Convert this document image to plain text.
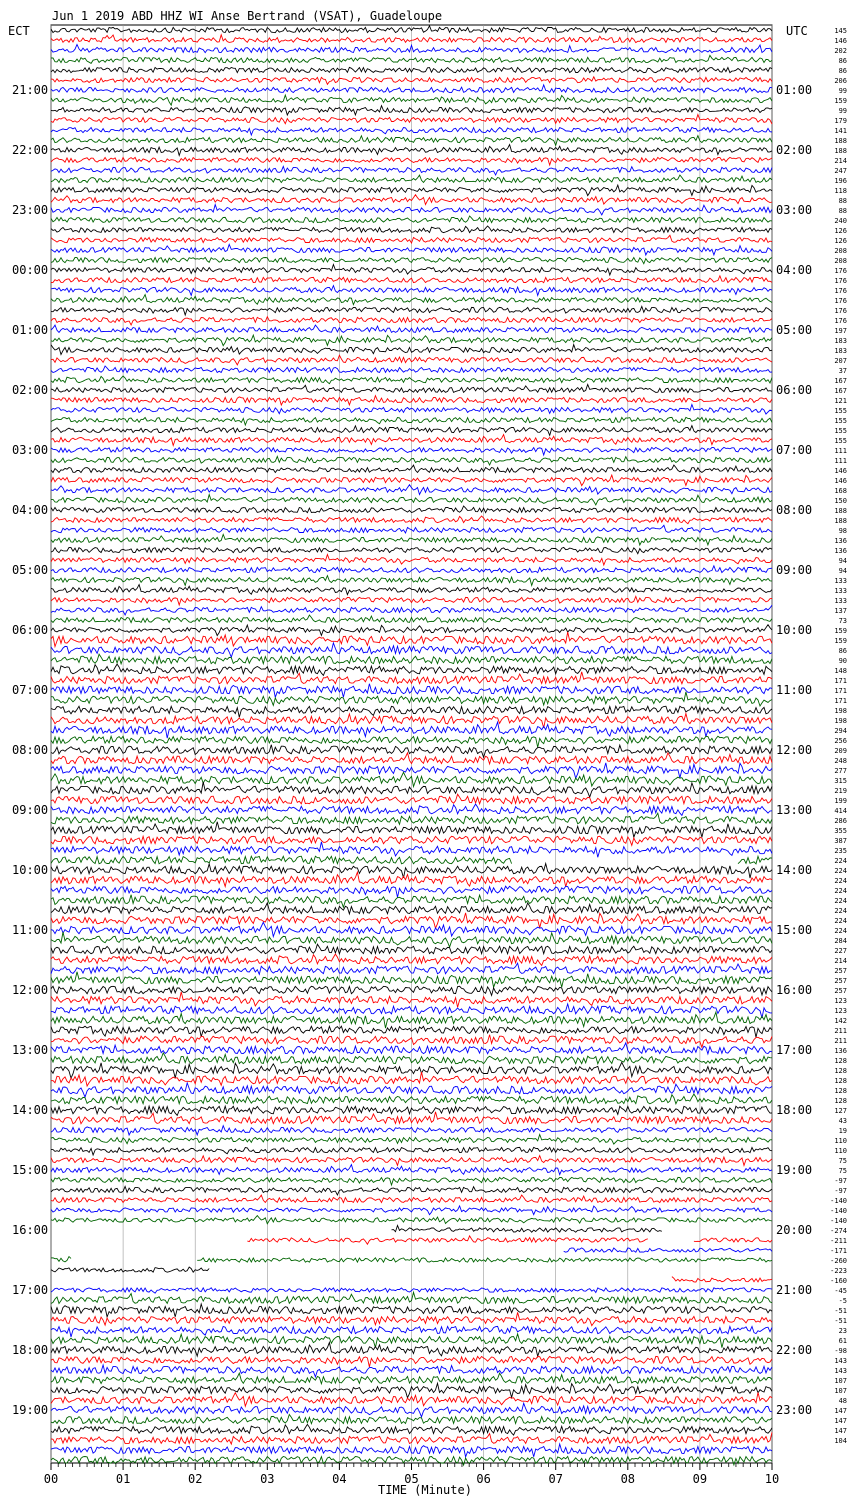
Jun 1 2019 ABD HHZ WI Anse Bertrand (VSAT), Guadeloupe
ECT	UTC
21:00
22:00
23:00
00:00
01:00
02:00
03:00
04:00
05:00
06:00
07:00
08:00
09:00
10:00
11:00
12:00
13:00
14:00
15:00
16:00
17:00
18:00
19:00
01:00
02:00
03:00
04:00
05:00
06:00
07:00
08:00
09:00
10:00
11:00
12:00
13:00
14:00
15:00
16:00
17:00
18:00
19:00
20:00
21:00
22:00
23:00
145
146
202
86
86
206
99
159
99
179
141
188
188
214
247
196
118
88
88
240
126
126
208
208
176
176
176
176
176
176
197
183
183
207
37
167
167
121
155
155
155
155
111
111
146
146
168
150
188
188
98
136
136
94
94
133
133
133
137
73
159
159
86
90
148
171
171
171
198
198
294
256
209
248
277
315
219
199
414
286
355
387
235
224
224
224
224
224
224
224
224
284
227
214
257
257
257
123
123
142
211
211
136
128
128
128
128
128
127
43
19
110
110
75
75
-97
-97
-140
-140
-140
-274
-211
-171
-260
-223
-160
-45
-5
-51
-51
23
61
-98
143
143
107
107
48
147
147
147
104
00	01	02	03	04	05	06	07	08	09	10
TIME (Minute)
